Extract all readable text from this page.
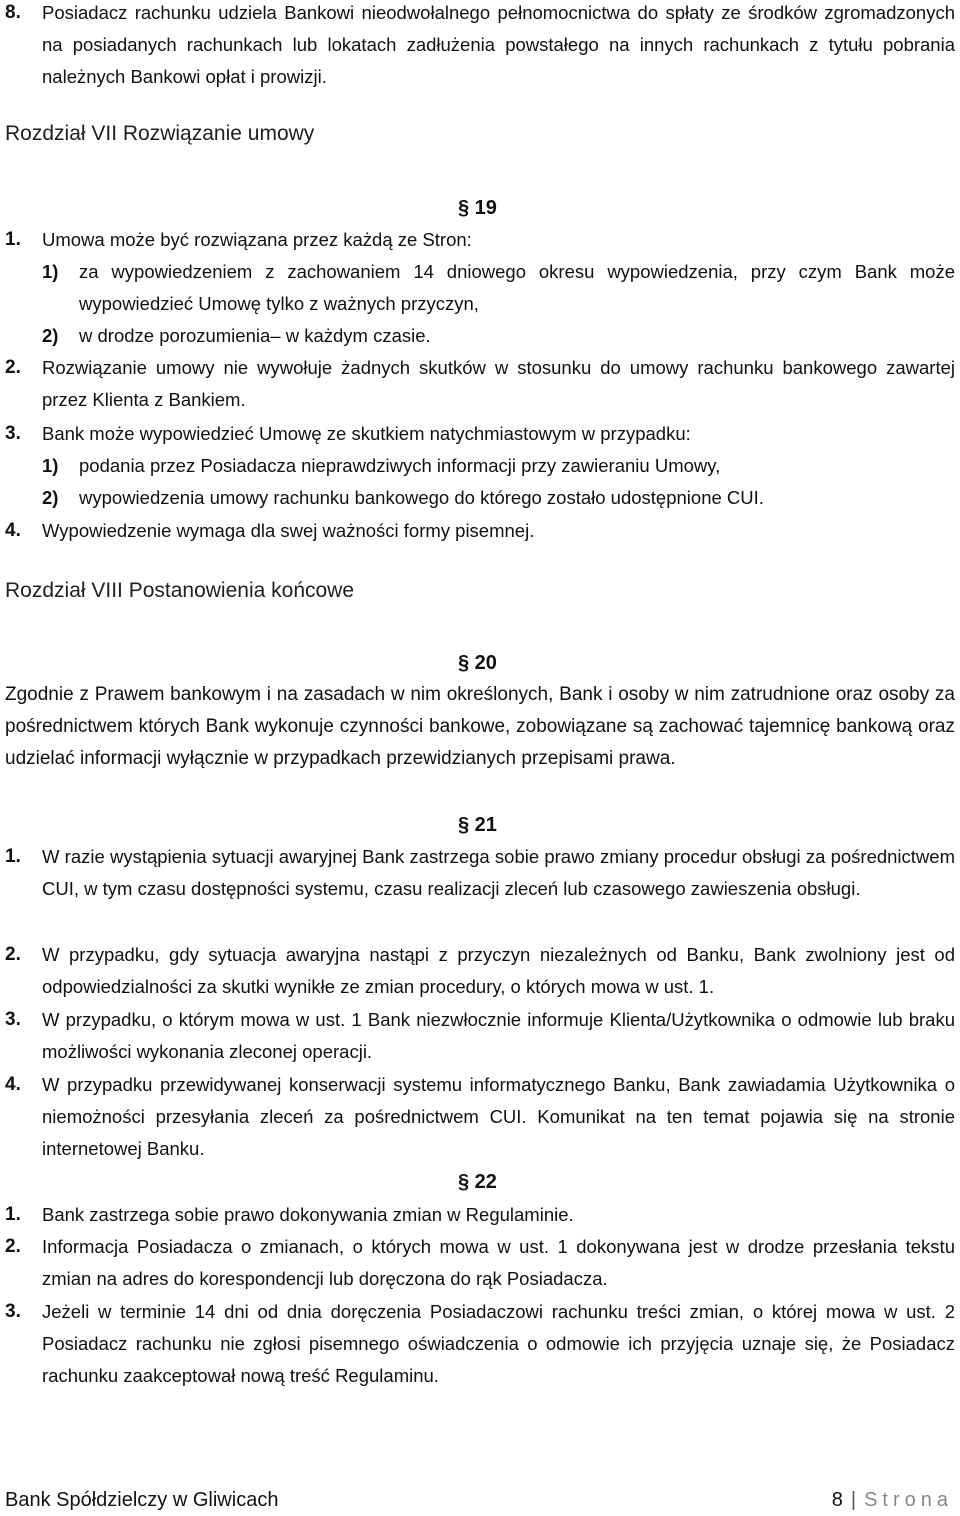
8. Posiadacz rachunku udziela Bankowi nieodwołalnego pełnomocnictwa do spłaty ze środków zgromadzonych na posiadanych rachunkach lub lokatach zadłużenia powstałego na innych rachunkach z tytułu pobrania należnych Bankowi opłat i prowizji.
Rozdział VII Rozwiązanie umowy
§ 19
1. Umowa może być rozwiązana przez każdą ze Stron:
1) za wypowiedzeniem z zachowaniem 14 dniowego okresu wypowiedzenia, przy czym Bank może wypowiedzieć Umowę tylko z ważnych przyczyn,
2) w drodze porozumienia– w każdym czasie.
2. Rozwiązanie umowy nie wywołuje żadnych skutków w stosunku do umowy rachunku bankowego zawartej przez Klienta z Bankiem.
3. Bank może wypowiedzieć Umowę ze skutkiem natychmiastowym w przypadku:
1) podania przez Posiadacza nieprawdziwych informacji przy zawieraniu Umowy,
2) wypowiedzenia umowy rachunku bankowego do którego zostało udostępnione CUI.
4. Wypowiedzenie wymaga dla swej ważności formy pisemnej.
Rozdział VIII Postanowienia końcowe
§ 20
Zgodnie z Prawem bankowym i na zasadach w nim określonych, Bank i osoby w nim zatrudnione oraz osoby za pośrednictwem których Bank wykonuje czynności bankowe, zobowiązane są zachować tajemnicę bankową oraz udzielać informacji wyłącznie w przypadkach przewidzianych przepisami prawa.
§ 21
1. W razie wystąpienia sytuacji awaryjnej Bank zastrzega sobie prawo zmiany procedur obsługi za pośrednictwem CUI, w tym czasu dostępności systemu, czasu realizacji zleceń lub czasowego zawieszenia obsługi.
2. W przypadku, gdy sytuacja awaryjna nastąpi z przyczyn niezależnych od Banku, Bank zwolniony jest od odpowiedzialności za skutki wynikłe ze zmian procedury, o których mowa w ust. 1.
3. W przypadku, o którym mowa w ust. 1 Bank niezwłocznie informuje Klienta/Użytkownika o odmowie lub braku możliwości wykonania zleconej operacji.
4. W przypadku przewidywanej konserwacji systemu informatycznego Banku, Bank zawiadamia Użytkownika o niemożności przesyłania zleceń za pośrednictwem CUI. Komunikat na ten temat pojawia się na stronie internetowej Banku.
§ 22
1. Bank zastrzega sobie prawo dokonywania zmian w Regulaminie.
2. Informacja Posiadacza o zmianach, o których mowa w ust. 1 dokonywana jest w drodze przesłania tekstu zmian na adres do korespondencji lub doręczona do rąk Posiadacza.
3. Jeżeli w terminie 14 dni od dnia doręczenia Posiadaczowi rachunku treści zmian, o której mowa w ust. 2 Posiadacz rachunku nie zgłosi pisemnego oświadczenia o odmowie ich przyjęcia uznaje się, że Posiadacz rachunku zaakceptował nową treść Regulaminu.
Bank Spółdzielczy w Gliwicach	8 | Strona
